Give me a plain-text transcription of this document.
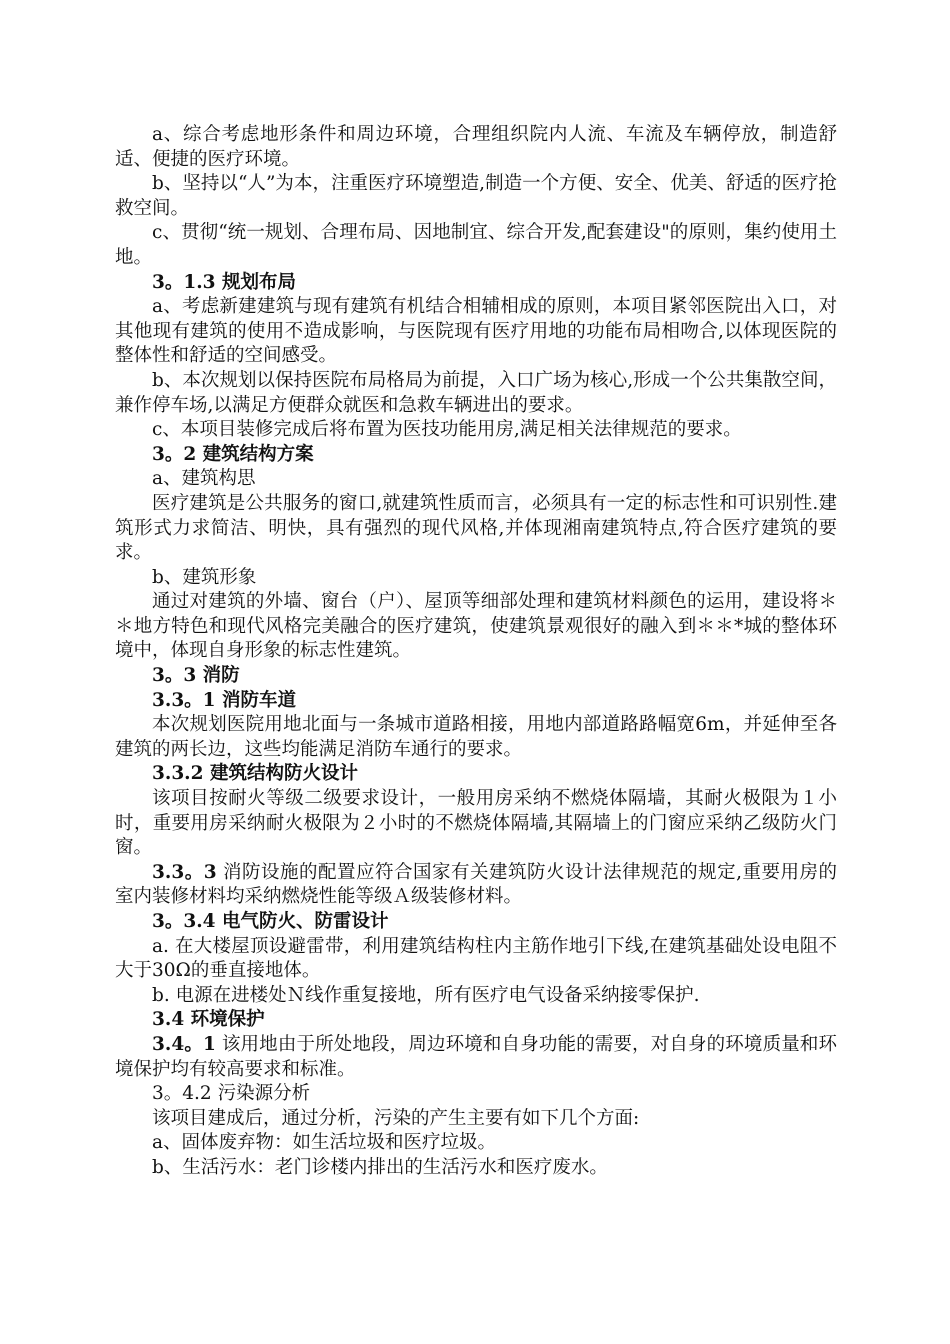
a、综合考虑地形条件和周边环境，合理组织院内人流、车流及车辆停放，制造舒适、便捷的医疗环境。

b、坚持以“人”为本，注重医疗环境塑造,制造一个方便、安全、优美、舒适的医疗抢救空间。

c、贯彻“统一规划、合理布局、因地制宜、综合开发,配套建设"的原则，集约使用土地。

3。1.3 规划布局

a、考虑新建建筑与现有建筑有机结合相辅相成的原则，本项目紧邻医院出入口，对其他现有建筑的使用不造成影响，与医院现有医疗用地的功能布局相吻合,以体现医院的整体性和舒适的空间感受。

b、本次规划以保持医院布局格局为前提，入口广场为核心,形成一个公共集散空间，兼作停车场,以满足方便群众就医和急救车辆进出的要求。

c、本项目装修完成后将布置为医技功能用房,满足相关法律规范的要求。

3。2 建筑结构方案

a、建筑构思

医疗建筑是公共服务的窗口,就建筑性质而言，必须具有一定的标志性和可识别性.建筑形式力求简洁、明快，具有强烈的现代风格,并体现湘南建筑特点,符合医疗建筑的要求。

b、建筑形象

通过对建筑的外墙、窗台（户）、屋顶等细部处理和建筑材料颜色的运用，建设将＊＊地方特色和现代风格完美融合的医疗建筑，使建筑景观很好的融入到＊＊*城的整体环境中，体现自身形象的标志性建筑。

3。3 消防

3.3。1 消防车道

本次规划医院用地北面与一条城市道路相接，用地内部道路路幅宽6m，并延伸至各建筑的两长边，这些均能满足消防车通行的要求。

3.3.2 建筑结构防火设计

该项目按耐火等级二级要求设计，一般用房采纳不燃烧体隔墙，其耐火极限为１小时，重要用房采纳耐火极限为２小时的不燃烧体隔墙,其隔墙上的门窗应采纳乙级防火门窗。

3.3。3 消防设施的配置应符合国家有关建筑防火设计法律规范的规定,重要用房的室内装修材料均采纳燃烧性能等级Ａ级装修材料。

3。3.4 电气防火、防雷设计

a. 在大楼屋顶设避雷带，利用建筑结构柱内主筋作地引下线,在建筑基础处设电阻不大于30Ω的垂直接地体。

b. 电源在进楼处Ｎ线作重复接地，所有医疗电气设备采纳接零保护.

3.4 环境保护

3.4。1 该用地由于所处地段，周边环境和自身功能的需要，对自身的环境质量和环境保护均有较高要求和标准。

3。4.2 污染源分析

该项目建成后，通过分析，污染的产生主要有如下几个方面:

a、固体废弃物：如生活垃圾和医疗垃圾。

b、生活污水：老门诊楼内排出的生活污水和医疗废水。
